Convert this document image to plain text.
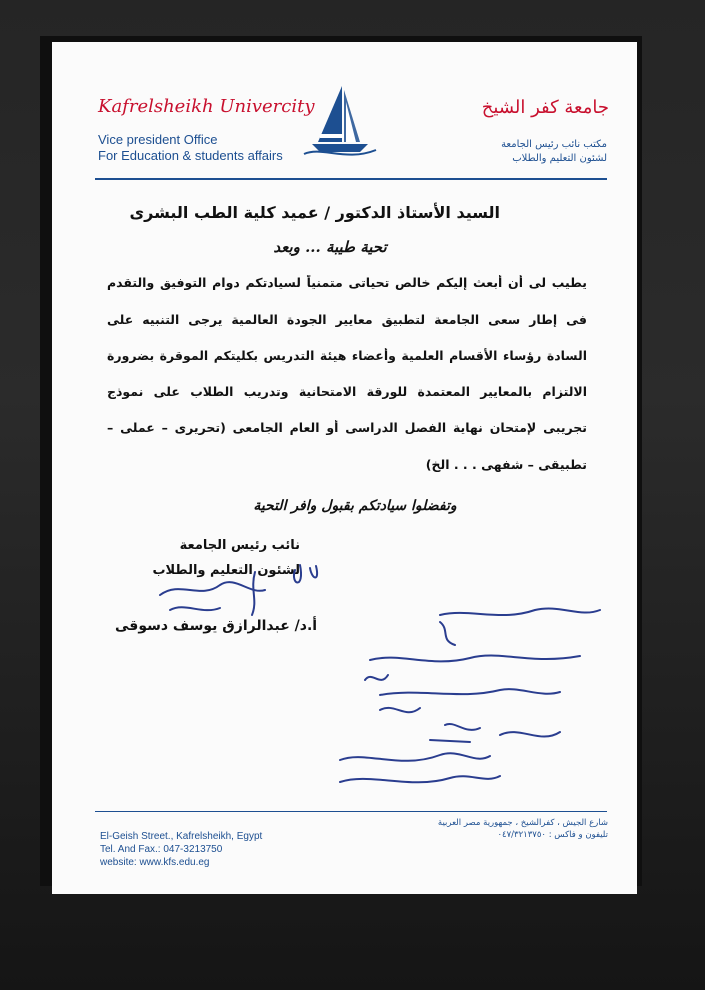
Kafrelsheikh Univercity
Vice president Office
For Education & students affairs
جامعة كفر الشيخ
مكتب نائب رئيس الجامعة
لشئون التعليم والطلاب
السيد الأستاذ الدكتور / عميد كلية الطب البشرى
تحية طيبة ... وبعد
يطيب لى أن أبعث إليكم خالص تحياتى متمنياً لسيادتكم دوام التوفيق والتقدم
فى إطار سعى الجامعة لتطبيق معايير الجودة العالمية يرجى التنبيه على
السادة رؤساء الأقسام العلمية وأعضاء هيئة التدريس بكليتكم الموقرة بضرورة
الالتزام بالمعايير المعتمدة للورقة الامتحانية وتدريب الطلاب على نموذج
تجريبى لإمتحان نهاية الفصل الدراسى أو العام الجامعى (تحريرى – عملى –
تطبيقى – شفهى . . . الخ)
وتفضلوا سيادتكم بقبول وافر التحية
نائب رئيس الجامعة
لشئون التعليم والطلاب
أ.د/ عبدالرازق يوسف دسوقى
El-Geish Street., Kafrelsheikh, Egypt
Tel. And Fax.: 047-3213750
website: www.kfs.edu.eg
شارع الجيش ، كفرالشيخ ، جمهورية مصر العربية
تليفون و فاكس : ٠٤٧/٣٢١٣٧٥٠
